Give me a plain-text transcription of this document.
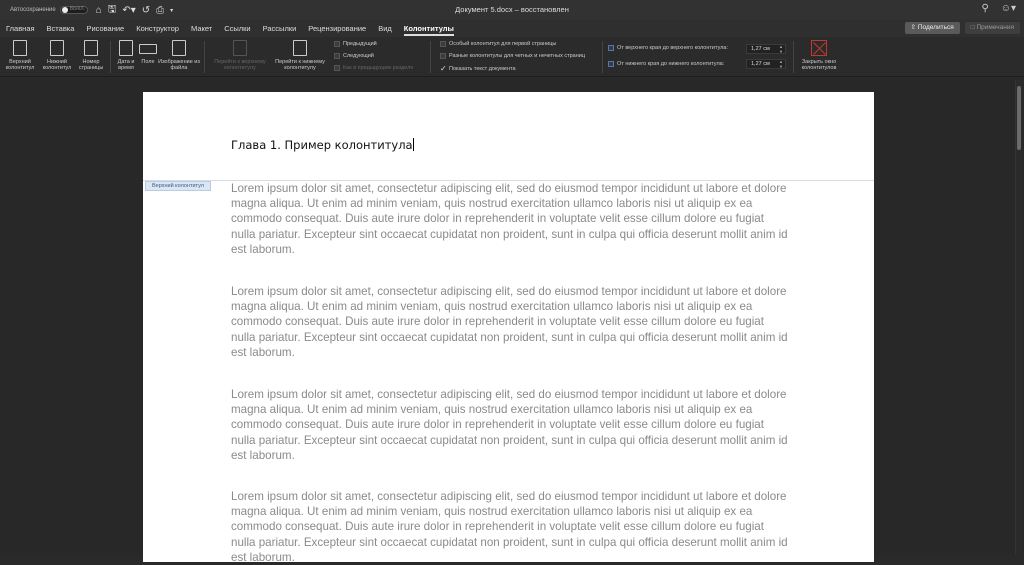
Автосохранение	ВЫКЛ. ⌂ 🖫 ↶▾ ↺ ⎙ ▾	Документ 5.docx – восстановлен	⚲ ☺▾
Главная	Вставка	Рисование	Конструктор	Макет	Ссылки	Рассылки	Рецензирование	Вид	Колонтитулы	⇧ Поделиться	□ Примечания
Верхний колонтитул
Нижний колонтитул
Номер страницы
Дата и время
Поле Изображение из файла
Перейти к верхнему колонтитулу
Перейти к нижнему колонтитулу
Предыдущий
Следующий
Как в предыдущем разделе
Особый колонтитул для первой страницы
Разные колонтитулы для четных и нечетных страниц
✓ Показать текст документа
От верхнего края до верхнего колонтитула:	1,27 см ▲
▼
От нижнего края до нижнего колонтитула:	1,27 см ▲
▼
Закрыть окно колонтитулов
Глава 1. Пример колонтитула
Верхний колонтитул	Lorem ipsum dolor sit amet, consectetur adipiscing elit, sed do eiusmod tempor incididunt ut labore et dolore magna aliqua. Ut enim ad minim veniam, quis nostrud exercitation ullamco laboris nisi ut aliquip ex ea commodo consequat. Duis aute irure dolor in reprehenderit in voluptate velit esse cillum dolore eu fugiat nulla pariatur. Excepteur sint occaecat cupidatat non proident, sunt in culpa qui officia deserunt mollit anim id est laborum.
Lorem ipsum dolor sit amet, consectetur adipiscing elit, sed do eiusmod tempor incididunt ut labore et dolore magna aliqua. Ut enim ad minim veniam, quis nostrud exercitation ullamco laboris nisi ut aliquip ex ea commodo consequat. Duis aute irure dolor in reprehenderit in voluptate velit esse cillum dolore eu fugiat nulla pariatur. Excepteur sint occaecat cupidatat non proident, sunt in culpa qui officia deserunt mollit anim id est laborum.
Lorem ipsum dolor sit amet, consectetur adipiscing elit, sed do eiusmod tempor incididunt ut labore et dolore magna aliqua. Ut enim ad minim veniam, quis nostrud exercitation ullamco laboris nisi ut aliquip ex ea commodo consequat. Duis aute irure dolor in reprehenderit in voluptate velit esse cillum dolore eu fugiat nulla pariatur. Excepteur sint occaecat cupidatat non proident, sunt in culpa qui officia deserunt mollit anim id est laborum.
Lorem ipsum dolor sit amet, consectetur adipiscing elit, sed do eiusmod tempor incididunt ut labore et dolore magna aliqua. Ut enim ad minim veniam, quis nostrud exercitation ullamco laboris nisi ut aliquip ex ea commodo consequat. Duis aute irure dolor in reprehenderit in voluptate velit esse cillum dolore eu fugiat nulla pariatur. Excepteur sint occaecat cupidatat non proident, sunt in culpa qui officia deserunt mollit anim id est laborum.
